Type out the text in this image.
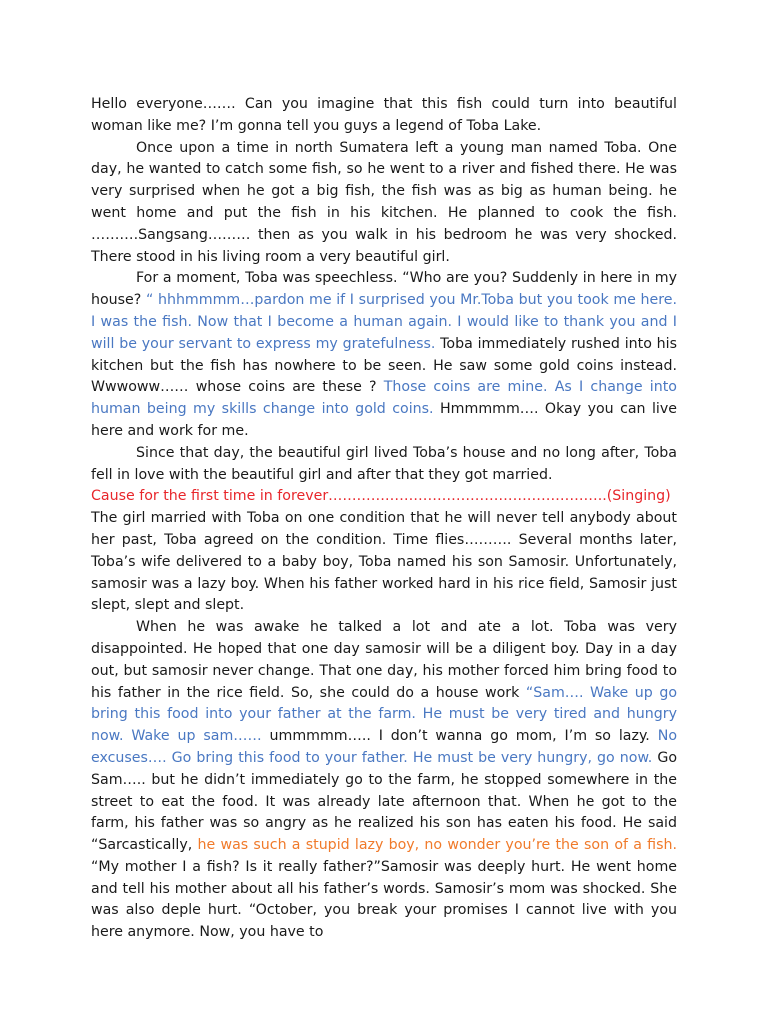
Hello everyone……. Can you imagine that this fish could turn into beautiful woman like me? I’m gonna tell you guys a legend of Toba Lake.

Once upon a time in north Sumatera left a young man named Toba. One day, he wanted to catch some fish, so he went to a river and fished there. He was very surprised when he got a big fish, the fish was as big as human being. he went home and put the fish in his kitchen. He planned to cook the fish. ……….Sangsang……… then as you walk in his bedroom he was very shocked. There stood in his living room a very beautiful girl.

For a moment, Toba was speechless. “Who are you? Suddenly in here in my house? “ hhhmmmm…pardon me if I surprised you Mr.Toba but you took me here. I was the fish. Now that I become a human again. I would like to thank you and I will be your servant to express my gratefulness. Toba immediately rushed into his kitchen but the fish has nowhere to be seen. He saw some gold coins instead. Wwwoww…… whose coins are these ? Those coins are mine. As I change into human being my skills change into gold coins. Hmmmmm…. Okay you can live here and work for me.

Since that day, the beautiful girl lived Toba’s house and no long after, Toba fell in love with the beautiful girl and after that they got married.

Cause for the first time in forever…………………………………………………..(Singing)

The girl married with Toba on one condition that he will never tell anybody about her past, Toba agreed on the condition. Time flies………. Several months later, Toba’s wife delivered to a baby boy, Toba named his son Samosir. Unfortunately, samosir was a lazy boy. When his father worked hard in his rice field, Samosir just slept, slept and slept.

When he was awake he talked a lot and ate a lot. Toba was very disappointed. He hoped that one day samosir will be a diligent boy. Day in a day out, but samosir never change. That one day, his mother forced him bring food to his father in the rice field. So, she could do a house work “Sam…. Wake up go bring this food into your father at the farm. He must be very tired and hungry now. Wake up sam…… ummmmm….. I don’t wanna go mom, I’m so lazy. No excuses…. Go bring this food to your father. He must be very hungry, go now. Go Sam….. but he didn’t immediately go to the farm, he stopped somewhere in the street to eat the food. It was already late afternoon that. When he got to the farm, his father was so angry as he realized his son has eaten his food. He said “Sarcastically, he was such a stupid lazy boy, no wonder you’re the son of a fish. “My mother I a fish? Is it really father?”Samosir was deeply hurt. He went home and tell his mother about all his father’s words. Samosir’s mom was shocked. She was also deple hurt. “October, you break your promises I cannot live with you here anymore. Now, you have to
